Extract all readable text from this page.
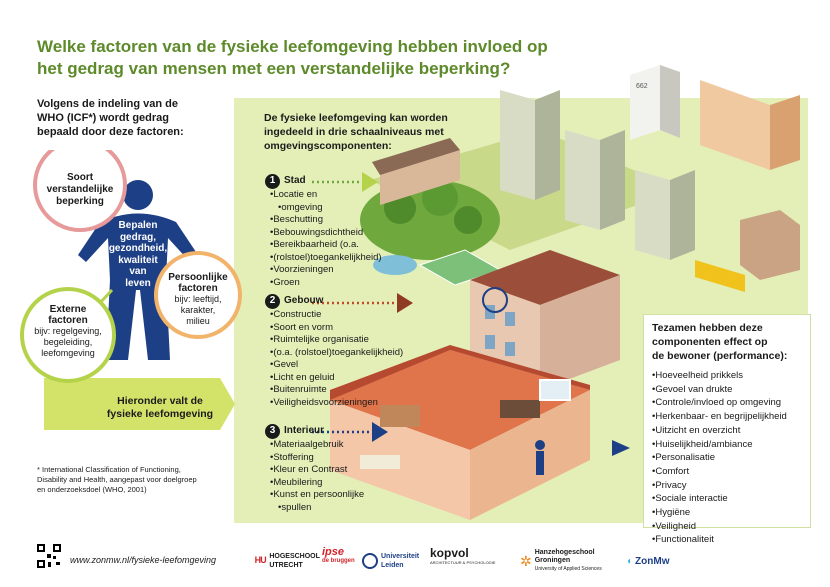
Welke factoren van de fysieke leefomgeving hebben invloed op
het gedrag van mensen met een verstandelijke beperking?
Volgens de indeling van de
WHO (ICF*) wordt gedrag
bepaald door deze factoren:
Soort
verstandelijke
beperking
Bepalen
gedrag,
gezondheid,
kwaliteit
van
leven	Persoonlijke
factoren
bijv: leeftijd,
karakter,
milieu
Externe
factoren
bijv: regelgeving,
begeleiding,
leefomgeving
Hieronder valt de
fysieke leefomgeving
* International Classification of Functioning,
Disability and Health, aangepast voor doelgroep
en onderzoeksdoel (WHO, 2001)
De fysieke leefomgeving kan worden
ingedeeld in drie schaalniveaus met
omgevingscomponenten:
662
1 Stad
• Locatie en
• omgeving
• Beschutting
• Bebouwingsdichtheid
• Bereikbaarheid (o.a.
• (rolstoel)toegankelijkheid)
• Voorzieningen
• Groen
2 Gebouw
• Constructie
• Soort en vorm
• Ruimtelijke organisatie
• (o.a. (rolstoel)toegankelijkheid)
• Gevel
• Licht en geluid
• Buitenruimte
• Veiligheidsvoorzieningen
3 Interieur
• Materiaalgebruik
• Stoffering
• Kleur en Contrast
• Meubilering
• Kunst en persoonlijke
• spullen
Tezamen hebben deze
componenten effect op
de bewoner (performance):
• Hoeveelheid prikkels
• Gevoel van drukte
• Controle/invloed op omgeving
• Herkenbaar- en begrijpelijkheid
• Uitzicht en overzicht
• Huiselijkheid/ambiance
• Personalisatie
• Comfort
• Privacy
• Sociale interactie
• Hygiëne
• Veiligheid
• Functionaliteit
www.zonmw.nl/fysieke-leefomgeving	ᴴᵁ HOGESCHOOL
UTRECHT
ipse
de bruggen
Universiteit
Leiden
kopvol
ARCHITECTUUR & PSYCHOLOGIE ✲ Hanzehogeschool
Groningen
University of Applied Sciences
◖ ZonMw
